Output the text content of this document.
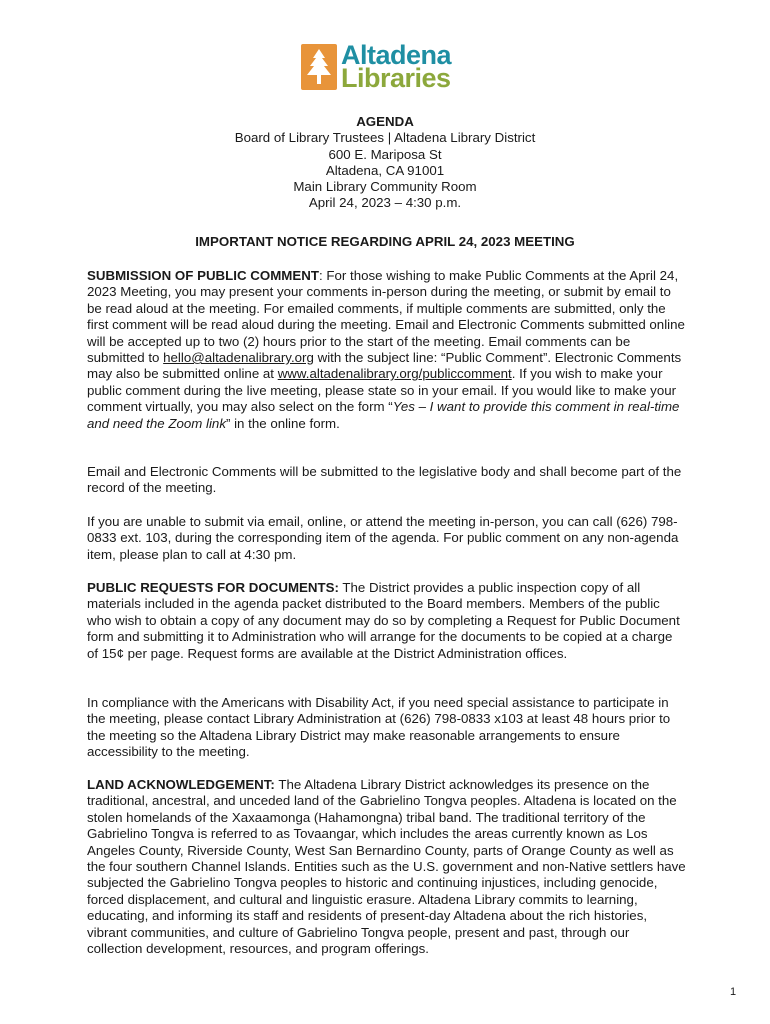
Altadena
Libraries
AGENDA
Board of Library Trustees | Altadena Library District
600 E. Mariposa St
Altadena, CA 91001
Main Library Community Room
April 24, 2023 – 4:30 p.m.
IMPORTANT NOTICE REGARDING APRIL 24, 2023 MEETING

SUBMISSION OF PUBLIC COMMENT: For those wishing to make Public Comments at the April 24, 2023 Meeting, you may present your comments in-person during the meeting, or submit by email to be read aloud at the meeting. For emailed comments, if multiple comments are submitted, only the first comment will be read aloud during the meeting. Email and Electronic Comments submitted online will be accepted up to two (2) hours prior to the start of the meeting. Email comments can be submitted to hello@altadenalibrary.org with the subject line: “Public Comment”. Electronic Comments may also be submitted online at www.altadenalibrary.org/publiccomment. If you wish to make your public comment during the live meeting, please state so in your email. If you would like to make your comment virtually, you may also select on the form “Yes – I want to provide this comment in real-time and need the Zoom link” in the online form.

Email and Electronic Comments will be submitted to the legislative body and shall become part of the record of the meeting.

If you are unable to submit via email, online, or attend the meeting in-person, you can call (626) 798-0833 ext. 103, during the corresponding item of the agenda. For public comment on any non-agenda item, please plan to call at 4:30 pm.

PUBLIC REQUESTS FOR DOCUMENTS: The District provides a public inspection copy of all materials included in the agenda packet distributed to the Board members. Members of the public who wish to obtain a copy of any document may do so by completing a Request for Public Document form and submitting it to Administration who will arrange for the documents to be copied at a charge of 15¢ per page. Request forms are available at the District Administration offices.

In compliance with the Americans with Disability Act, if you need special assistance to participate in the meeting, please contact Library Administration at (626) 798-0833 x103 at least 48 hours prior to the meeting so the Altadena Library District may make reasonable arrangements to ensure accessibility to the meeting.

LAND ACKNOWLEDGEMENT: The Altadena Library District acknowledges its presence on the traditional, ancestral, and unceded land of the Gabrielino Tongva peoples. Altadena is located on the stolen homelands of the Xaxaamonga (Hahamongna) tribal band. The traditional territory of the Gabrielino Tongva is referred to as Tovaangar, which includes the areas currently known as Los Angeles County, Riverside County, West San Bernardino County, parts of Orange County as well as the four southern Channel Islands. Entities such as the U.S. government and non-Native settlers have subjected the Gabrielino Tongva peoples to historic and continuing injustices, including genocide, forced displacement, and cultural and linguistic erasure. Altadena Library commits to learning, educating, and informing its staff and residents of present-day Altadena about the rich histories, vibrant communities, and culture of Gabrielino Tongva people, present and past, through our collection development, resources, and program offerings.

1
